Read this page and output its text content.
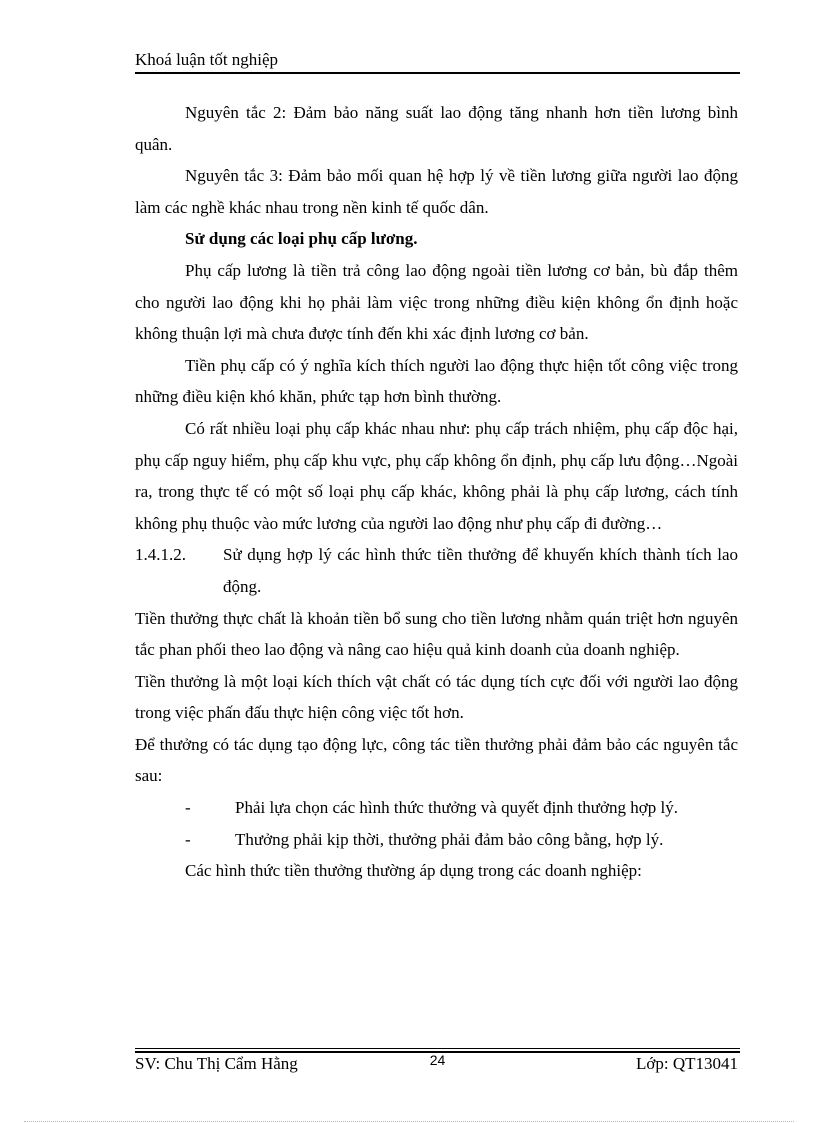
Khoá luận tốt nghiệp

Nguyên tắc 2: Đảm bảo năng suất lao động tăng nhanh hơn tiền lương bình quân.

Nguyên tắc 3: Đảm bảo mối quan hệ hợp lý về tiền lương giữa người lao động làm các nghề khác nhau trong nền kinh tế quốc dân.

Sử dụng các loại phụ cấp lương.

Phụ cấp lương là tiền trả công lao động ngoài tiền lương cơ bản, bù đắp thêm cho người lao động khi họ phải làm việc trong những điều kiện không ổn định hoặc không thuận lợi mà chưa được tính đến khi xác định lương cơ bản.

Tiền phụ cấp có ý nghĩa kích thích người lao động thực hiện tốt công việc trong những điều kiện khó khăn, phức tạp hơn bình thường.

Có rất nhiều loại phụ cấp khác nhau như: phụ cấp trách nhiệm, phụ cấp độc hại, phụ cấp nguy hiểm, phụ cấp khu vực, phụ cấp không ổn định, phụ cấp lưu động…Ngoài ra, trong thực tế có một số loại phụ cấp khác, không phải là phụ cấp lương, cách tính không phụ thuộc vào mức lương của người lao động như phụ cấp đi đường…

1.4.1.2.	Sử dụng hợp lý các hình thức tiền thưởng để khuyến khích thành tích lao động.

Tiền thưởng thực chất là khoản tiền bổ sung cho tiền lương nhằm quán triệt hơn nguyên tắc phan phối theo lao động và nâng cao hiệu quả kinh doanh của doanh nghiệp.

Tiền thưởng là một loại kích thích vật chất có tác dụng tích cực đối với người lao động trong việc phấn đấu thực hiện công việc tốt hơn.

Để thưởng có tác dụng tạo động lực, công tác tiền thưởng phải đảm bảo các nguyên tắc sau:

-	Phải lựa chọn các hình thức thưởng và quyết định thưởng hợp lý.
-	Thưởng phải kịp thời, thưởng phải đảm bảo công bằng, hợp lý.

Các hình thức tiền thưởng thường áp dụng trong các doanh nghiệp:

SV: Chu Thị Cẩm Hằng	24	Lớp: QT13041
